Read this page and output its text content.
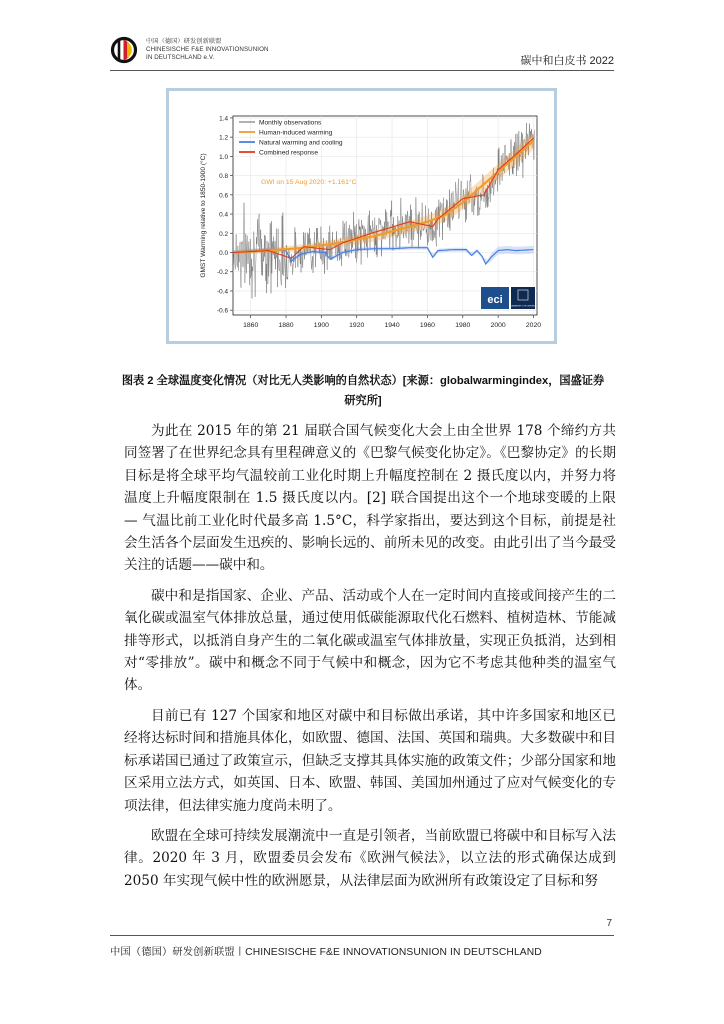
中国（德国）研发创新联盟
CHINESISCHE F&E INNOVATIONSUNION
IN DEUTSCHLAND e.V.	碳中和白皮书 2022
-0.6
-0.4
-0.2
0.0
0.2
0.4
0.6
0.8
1.0
1.2
1.4
1860	1880	1900	1920	1940	1960	1980	2000	2020
GMST Warming relative to 1850-1900 (°C)
Monthly observations
Human-induced warming
Natural warming and cooling
Combined response
GWI on 15 Aug 2020: +1.161°C
eci
UNIVERSITY OF OXFORD
图表 2 全球温度变化情况（对比无人类影响的自然状态）[来源：globalwarmingindex，国盛证券研究所]

为此在 2015 年的第 21 届联合国气候变化大会上由全世界 178 个缔约方共同签署了在世界纪念具有里程碑意义的《巴黎气候变化协定》。《巴黎协定》的长期目标是将全球平均气温较前工业化时期上升幅度控制在 2 摄氏度以内，并努力将温度上升幅度限制在 1.5 摄氏度以内。[2] 联合国提出这个一个地球变暖的上限 — 气温比前工业化时代最多高 1.5°C，科学家指出，要达到这个目标，前提是社会生活各个层面发生迅疾的、影响长远的、前所未见的改变。由此引出了当今最受关注的话题——碳中和。

碳中和是指国家、企业、产品、活动或个人在一定时间内直接或间接产生的二氧化碳或温室气体排放总量，通过使用低碳能源取代化石燃料、植树造林、节能减排等形式，以抵消自身产生的二氧化碳或温室气体排放量，实现正负抵消，达到相对“零排放”。碳中和概念不同于气候中和概念，因为它不考虑其他种类的温室气体。

目前已有 127 个国家和地区对碳中和目标做出承诺，其中许多国家和地区已经将达标时间和措施具体化，如欧盟、德国、法国、英国和瑞典。大多数碳中和目标承诺国已通过了政策宣示，但缺乏支撑其具体实施的政策文件；少部分国家和地区采用立法方式，如英国、日本、欧盟、韩国、美国加州通过了应对气候变化的专项法律，但法律实施力度尚未明了。

欧盟在全球可持续发展潮流中一直是引领者，当前欧盟已将碳中和目标写入法律。2020 年 3 月，欧盟委员会发布《欧洲气候法》，以立法的形式确保达成到 2050 年实现气候中性的欧洲愿景，从法律层面为欧洲所有政策设定了目标和努

7
中国（德国）研发创新联盟丨CHINESISCHE F&E INNOVATIONSUNION IN DEUTSCHLAND
